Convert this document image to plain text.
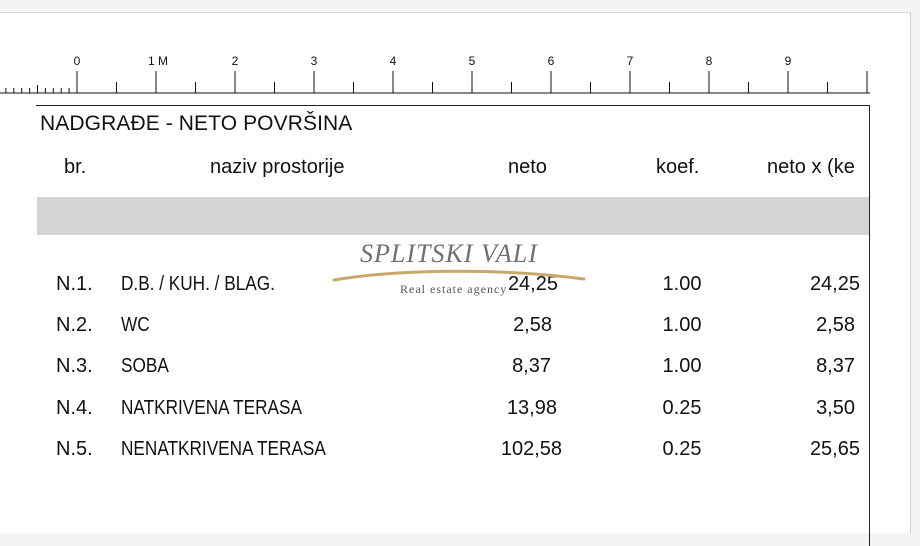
0	1 M	2	3	4	5	6	7	8	9
NADGRAĐE - NETO POVRŠINA
br.	naziv prostorije	neto	koef.	neto x (ke
N.1. D.B. / KUH. / BLAG.	24,25	1.00	24,25
N.2. WC	2,58	1.00	2,58
N.3. SOBA	8,37	1.00	8,37
N.4. NATKRIVENA TERASA	13,98	0.25	3,50
N.5. NENATKRIVENA TERASA	102,58	0.25	25,65
SPLITSKI VALI
Real estate agency
